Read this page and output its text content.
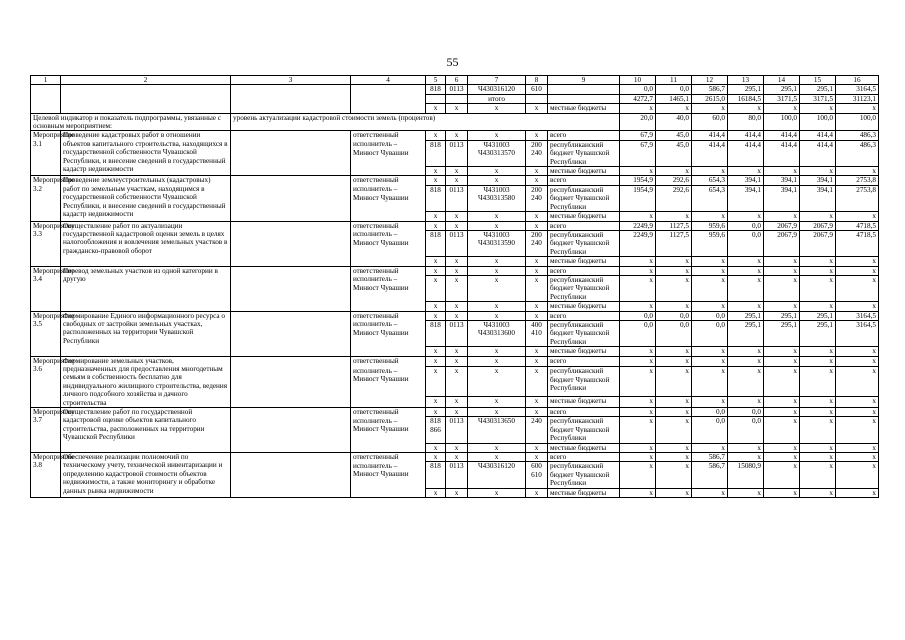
55
1	2	3	4	5	6	7	8	9	10	11	12	13	14	15	16
				818	0113	Ч430316120	610		0,0	0,0	586,7	295,1	295,1	295,1	3164,5
						итого			4272,7	1465,1	2615,0	16184,5	3171,5	3171,5	31123,1
				x	x	x	x	местные бюджеты	x	x	x	x	x	x	x
Целевой индикатор и показатель подпрограммы, увязанные с основным мероприятием:		уровень актуализации кадастровой стоимости земель (процентов)							20,0	40,0	60,0	80,0	100,0	100,0	100,0
Мероприятие 3.1	Проведение кадастровых работ в отношении объектов капитального строительства, находящихся в государственной собственности Чувашской Республики, и внесение сведений в государственный кадастр недвижимости		ответственный	x	x	x	x	всего	67,9	45,0	414,4	414,4	414,4	414,4	486,3
			исполнитель – Минюст Чувашии	818	0113	Ч431003 Ч430313570	200 240	республиканский бюджет Чувашской Республики	67,9	45,0	414,4	414,4	414,4	414,4	486,3
				x	x	x	x	местные бюджеты	x	x	x	x	x	x	x
Мероприятие 3.2	Проведение землеустроительных (кадастровых) работ по земельным участкам, находящимся в государственной собственности Чувашской Республики, и внесение сведений в государственный кадастр недвижимости		ответственный	x	x	x	x	всего	1954,9	292,6	654,3	394,1	394,1	394,1	2753,8
			исполнитель – Минюст Чувашии	818	0113	Ч431003 Ч430313580	200 240	республиканский бюджет Чувашской Республики	1954,9	292,6	654,3	394,1	394,1	394,1	2753,8
				x	x	x	x	местные бюджеты	x	x	x	x	x	x	x
Мероприятие 3.3	Осуществление работ по актуализации государственной кадастровой оценки земель в целях налогообложения и вовлечения земельных участков в гражданско-правовой оборот		ответственный	x	x	x	x	всего	2249,9	1127,5	959,6	0,0	2067,9	2067,9	4718,5
			исполнитель – Минюст Чувашии	818	0113	Ч431003 Ч430313590	200 240	республиканский бюджет Чувашской Республики	2249,9	1127,5	959,6	0,0	2067,9	2067,9	4718,5
				x	x	x	x	местные бюджеты	x	x	x	x	x	x	x
Мероприятие 3.4	Перевод земельных участков из одной категории в другую		ответственный	x	x	x	x	всего	x	x	x	x	x	x	x
			исполнитель – Минюст Чувашии	x	x	x	x	республиканский бюджет Чувашской Республики	x	x	x	x	x	x	x
				x	x	x	x	местные бюджеты	x	x	x	x	x	x	x
Мероприятие 3.5	Формирование Единого информационного ресурса о свободных от застройки земельных участках, расположенных на территории Чувашской Республики		ответственный	x	x	x	x	всего	0,0	0,0	0,0	295,1	295,1	295,1	3164,5
			исполнитель – Минюст Чувашии	818	0113	Ч431003 Ч430313600	400 410	республиканский бюджет Чувашской Республики	0,0	0,0	0,0	295,1	295,1	295,1	3164,5
				x	x	x	x	местные бюджеты	x	x	x	x	x	x	x
Мероприятие 3.6	Формирование земельных участков, предназначенных для предоставления многодетным семьям в собственность бесплатно для индивидуального жилищного строительства, ведения личного подсобного хозяйства и дачного строительства		ответственный	x	x	x	x	всего	x	x	x	x	x	x	x
			исполнитель – Минюст Чувашии	x	x	x	x	республиканский бюджет Чувашской Республики	x	x	x	x	x	x	x
				x	x	x	x	местные бюджеты	x	x	x	x	x	x	x
Мероприятие 3.7	Осуществление работ по государственной кадастровой оценке объектов капитального строительства, расположенных на территории Чувашской Республики		ответственный	x	x	x	x	всего	x	x	0,0	0,0	x	x	x
			исполнитель – Минюст Чувашии	818 866	0113	Ч430313650	240	республиканский бюджет Чувашской Республики	x	x	0,0	0,0	x	x	x
				x	x	x	x	местные бюджеты	x	x	x	x	x	x	x
Мероприятие 3.8	Обеспечение реализации полномочий по техническому учету, технической инвентаризации и определению кадастровой стоимости объектов недвижимости, а также мониторингу и обработке данных рынка недвижимости		ответственный	x	x	x	x	всего	x	x	586,7	x	x	x	x
			исполнитель – Минюст Чувашии	818	0113	Ч430316120	600 610	республиканский бюджет Чувашской Республики	x	x	586,7	15080,9	x	x	x
				x	x	x	x	местные бюджеты	x	x	x	x	x	x	x
